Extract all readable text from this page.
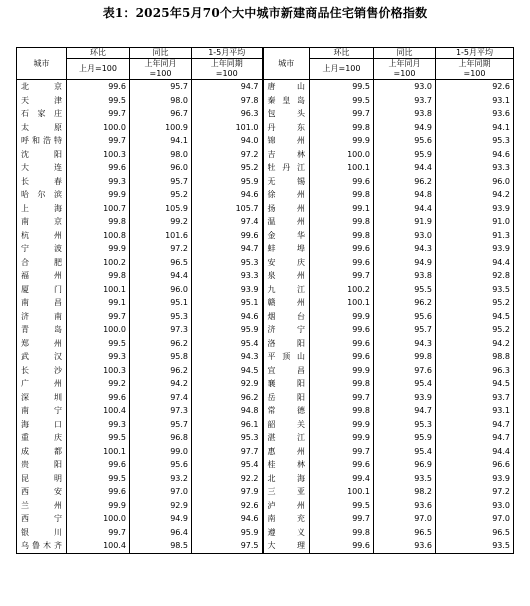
表1：2025年5月70个大中城市新建商品住宅销售价格指数
城市	环比	同比	1-5月平均	城市	环比	同比	1-5月平均
	上月=100	上年同月	上年同期		上月=100	上年同月	上年同期
		=100	=100			=100	=100
北京	99.6	95.7	94.7	唐山	99.5	93.0	92.6
天津	99.5	98.0	97.8	秦皇岛	99.5	93.7	93.1
石家庄	99.7	96.7	96.3	包头	99.7	93.8	93.6
太原	100.0	100.9	101.0	丹东	99.8	94.9	94.1
呼和浩特	99.7	94.1	94.0	锦州	99.9	95.6	95.3
沈阳	100.3	98.0	97.2	吉林	100.0	95.9	94.6
大连	99.6	96.0	95.2	牡丹江	100.1	94.4	93.3
长春	99.3	95.7	95.9	无锡	99.6	96.2	96.0
哈尔滨	99.9	95.2	94.6	徐州	99.8	94.8	94.2
上海	100.7	105.9	105.7	扬州	99.1	94.4	93.9
南京	99.8	99.2	97.4	温州	99.8	91.9	91.0
杭州	100.8	101.6	99.6	金华	99.8	93.0	91.3
宁波	99.9	97.2	94.7	蚌埠	99.6	94.3	93.9
合肥	100.2	96.5	95.3	安庆	99.6	94.9	94.4
福州	99.8	94.4	93.3	泉州	99.7	93.8	92.8
厦门	100.1	96.0	93.9	九江	100.2	95.5	93.5
南昌	99.1	95.1	95.1	赣州	100.1	96.2	95.2
济南	99.7	95.3	94.6	烟台	99.9	95.6	94.5
青岛	100.0	97.3	95.9	济宁	99.6	95.7	95.2
郑州	99.5	96.2	95.4	洛阳	99.6	94.3	94.2
武汉	99.3	95.8	94.3	平顶山	99.6	99.8	98.8
长沙	100.3	96.2	94.5	宜昌	99.9	97.6	96.3
广州	99.2	94.2	92.9	襄阳	99.8	95.4	94.5
深圳	99.6	97.4	96.2	岳阳	99.7	93.9	93.7
南宁	100.4	97.3	94.8	常德	99.8	94.7	93.1
海口	99.3	95.7	96.1	韶关	99.9	95.3	94.7
重庆	99.5	96.8	95.3	湛江	99.9	95.9	94.7
成都	100.1	99.0	97.7	惠州	99.7	95.4	94.4
贵阳	99.6	95.6	95.4	桂林	99.6	96.9	96.6
昆明	99.5	93.2	92.2	北海	99.4	93.5	93.9
西安	99.6	97.0	97.9	三亚	100.1	98.2	97.2
兰州	99.9	92.9	92.6	泸州	99.5	93.6	93.0
西宁	100.0	94.9	94.6	南充	99.7	97.0	97.0
银川	99.7	96.4	95.9	遵义	99.8	96.5	96.5
乌鲁木齐	100.4	98.5	97.5	大理	99.6	93.6	93.5
